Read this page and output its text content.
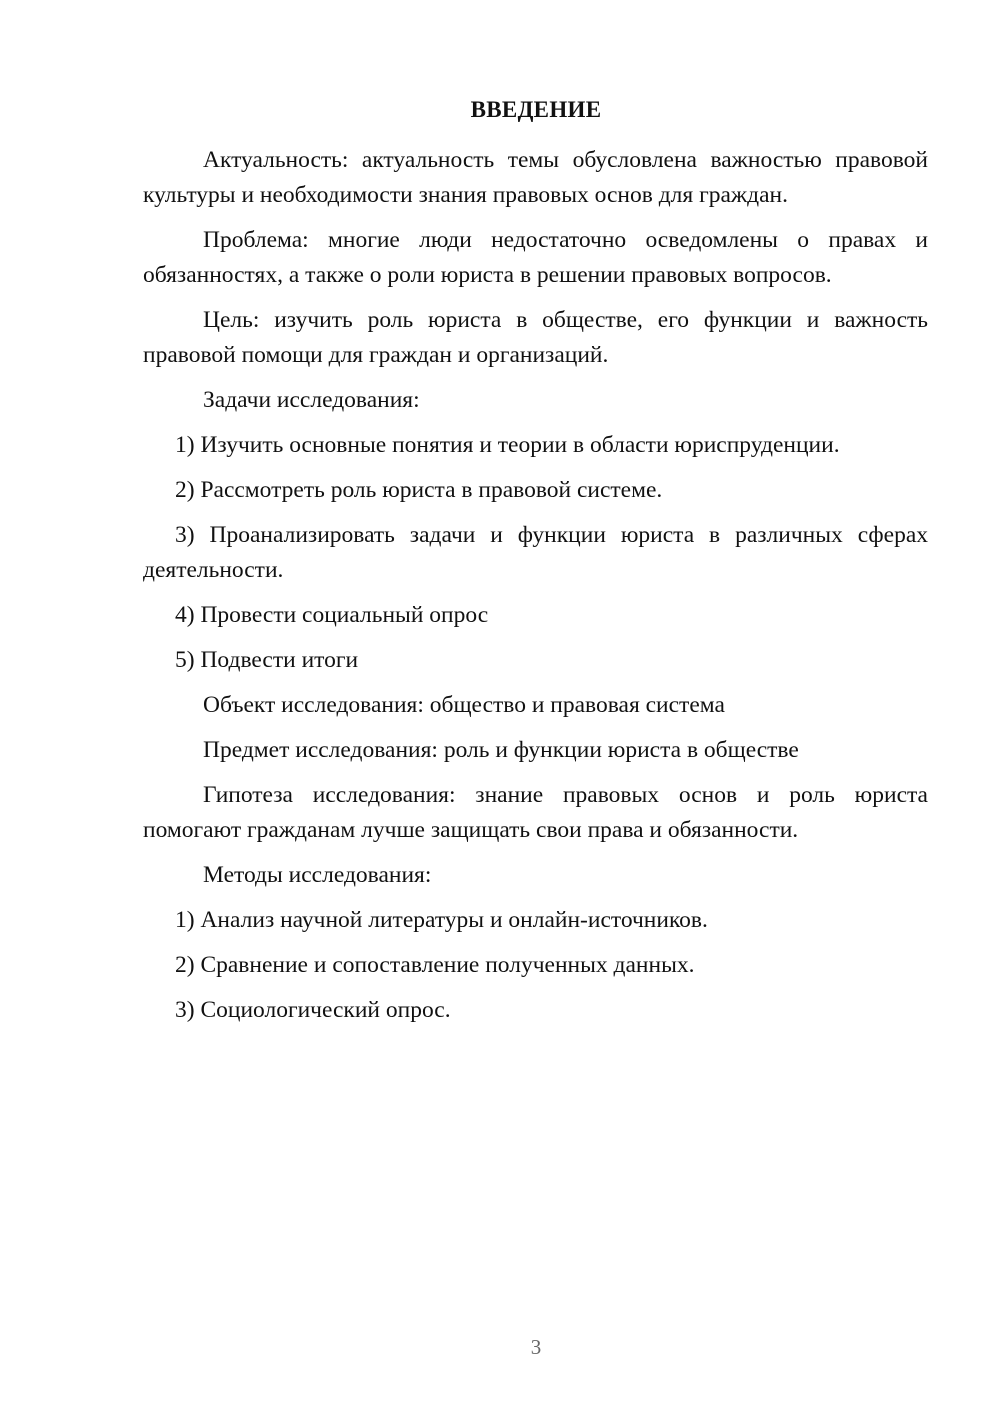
ВВЕДЕНИЕ

Актуальность: актуальность темы обусловлена важностью правовой культуры и необходимости знания правовых основ для граждан.

Проблема: многие люди недостаточно осведомлены о правах и обязанностях, а также о роли юриста в решении правовых вопросов.

Цель: изучить роль юриста в обществе, его функции и важность правовой помощи для граждан и организаций.

Задачи исследования:

1) Изучить основные понятия и теории в области юриспруденции.

2) Рассмотреть роль юриста в правовой системе.

3) Проанализировать задачи и функции юриста в различных сферах деятельности.

4) Провести социальный опрос

5) Подвести итоги

Объект исследования: общество и правовая система

Предмет исследования: роль и функции юриста в обществе

Гипотеза исследования: знание правовых основ и роль юриста помогают гражданам лучше защищать свои права и обязанности.

Методы исследования:

1) Анализ научной литературы и онлайн-источников.

2) Сравнение и сопоставление полученных данных.

3) Социологический опрос.

3
